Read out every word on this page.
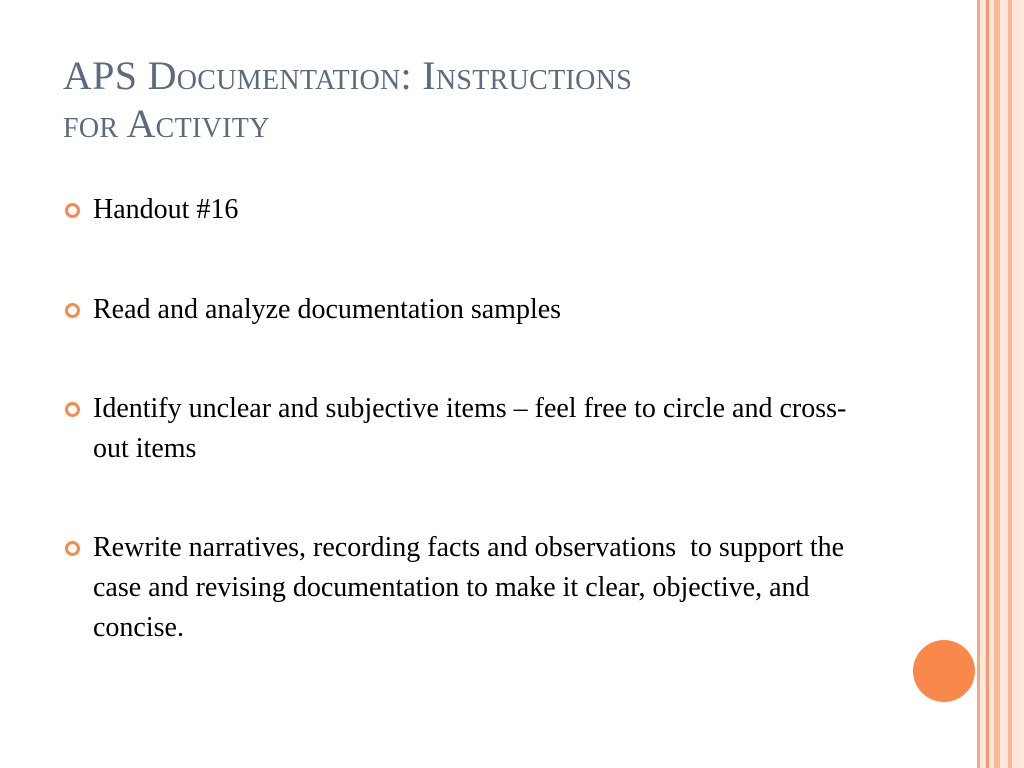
APS Documentation: Instructions
for Activity
Handout #16
Read and analyze documentation samples
Identify unclear and subjective items – feel free to circle and cross-out items
Rewrite narratives, recording facts and observations  to support the case and revising documentation to make it clear, objective, and concise.
